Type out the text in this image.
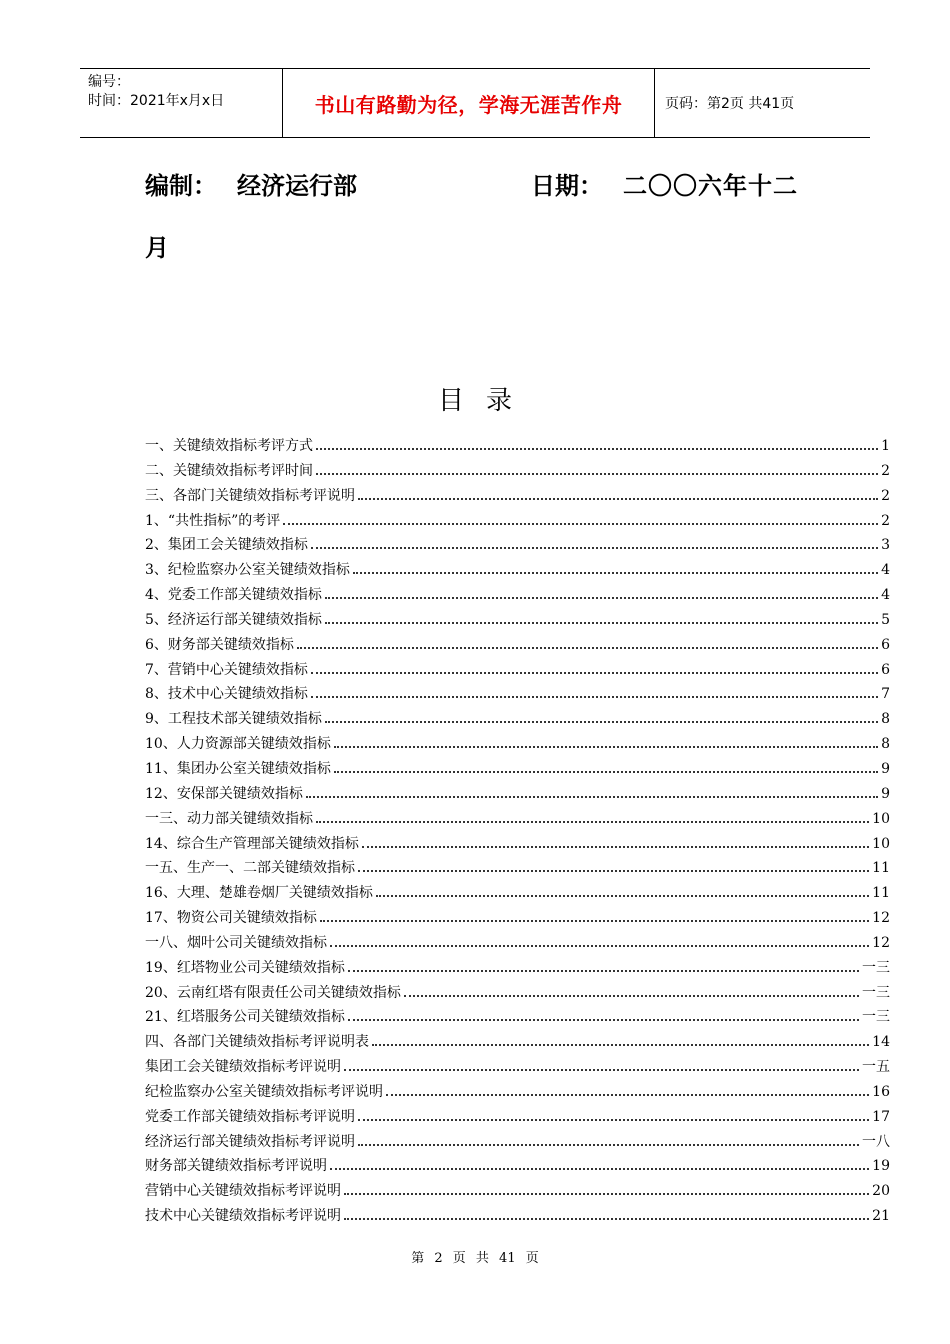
编号：
时间：2021年x月x日	书山有路勤为径，学海无涯苦作舟	页码：第2页 共41页
编制： 经济运行部	日期： 二〇〇六年十二
月
目录
一、关键绩效指标考评方式	1
二、关键绩效指标考评时间	2
三、各部门关键绩效指标考评说明	2
1、“共性指标”的考评	2
2、集团工会关键绩效指标	3
3、纪检监察办公室关键绩效指标	4
4、党委工作部关键绩效指标	4
5、经济运行部关键绩效指标	5
6、财务部关键绩效指标	6
7、营销中心关键绩效指标	6
8、技术中心关键绩效指标	7
9、工程技术部关键绩效指标	8
10、人力资源部关键绩效指标	8
11、集团办公室关键绩效指标	9
12、安保部关键绩效指标	9
一三、动力部关键绩效指标	10
14、综合生产管理部关键绩效指标	10
一五、生产一、二部关键绩效指标	11
16、大理、楚雄卷烟厂关键绩效指标	11
17、物资公司关键绩效指标	12
一八、烟叶公司关键绩效指标	12
19、红塔物业公司关键绩效指标	一三
20、云南红塔有限责任公司关键绩效指标	一三
21、红塔服务公司关键绩效指标	一三
四、各部门关键绩效指标考评说明表	14
集团工会关键绩效指标考评说明	一五
纪检监察办公室关键绩效指标考评说明	16
党委工作部关键绩效指标考评说明	17
经济运行部关键绩效指标考评说明	一八
财务部关键绩效指标考评说明	19
营销中心关键绩效指标考评说明	20
技术中心关键绩效指标考评说明	21
第 2 页 共 41 页
